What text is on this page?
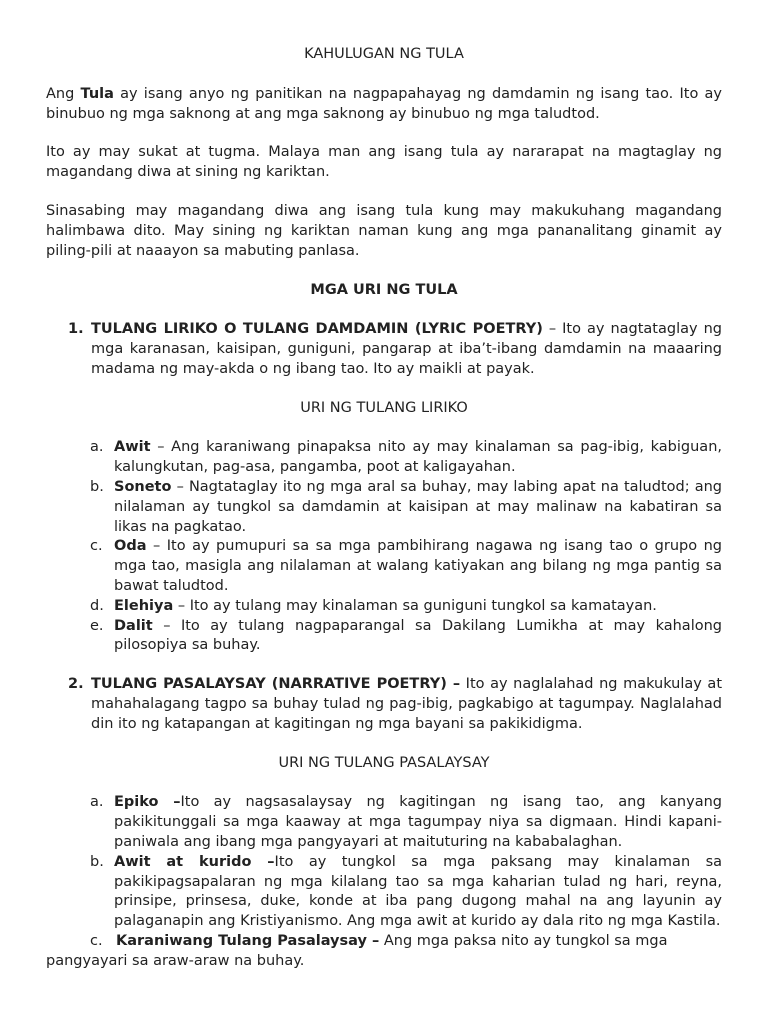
KAHULUGAN NG TULA

Ang Tula ay isang anyo ng panitikan na nagpapahayag ng damdamin ng isang tao. Ito ay binubuo ng mga saknong at ang mga saknong ay binubuo ng mga taludtod.

Ito ay may sukat at tugma. Malaya man ang isang tula ay nararapat na magtaglay ng magandang diwa at sining ng kariktan.

Sinasabing may magandang diwa ang isang tula kung may makukuhang magandang halimbawa dito. May sining ng kariktan naman kung ang mga pananalitang ginamit ay piling-pili at naaayon sa mabuting panlasa.

MGA URI NG TULA
1. TULANG LIRIKO O TULANG DAMDAMIN (LYRIC POETRY) – Ito ay nagtataglay ng mga karanasan, kaisipan, guniguni, pangarap at iba’t-ibang damdamin na maaaring madama ng may-akda o ng ibang tao. Ito ay maikli at payak.
URI NG TULANG LIRIKO
a. Awit – Ang karaniwang pinapaksa nito ay may kinalaman sa pag-ibig, kabiguan, kalungkutan, pag-asa, pangamba, poot at kaligayahan.
b. Soneto – Nagtataglay ito ng mga aral sa buhay, may labing apat na taludtod; ang nilalaman ay tungkol sa damdamin at kaisipan at may malinaw na kabatiran sa likas na pagkatao.
c. Oda – Ito ay pumupuri sa sa mga pambihirang nagawa ng isang tao o grupo ng mga tao, masigla ang nilalaman at walang katiyakan ang bilang ng mga pantig sa bawat taludtod.
d. Elehiya – Ito ay tulang may kinalaman sa guniguni tungkol sa kamatayan.
e. Dalit – Ito ay tulang nagpaparangal sa Dakilang Lumikha at may kahalong pilosopiya sa buhay.
2. TULANG PASALAYSAY (NARRATIVE POETRY) – Ito ay naglalahad ng makukulay at mahahalagang tagpo sa buhay tulad ng pag-ibig, pagkabigo at tagumpay. Naglalahad din ito ng katapangan at kagitingan ng mga bayani sa pakikidigma.
URI NG TULANG PASALAYSAY
a. Epiko –Ito ay nagsasalaysay ng kagitingan ng isang tao, ang kanyang pakikitunggali sa mga kaaway at mga tagumpay niya sa digmaan. Hindi kapani-paniwala ang ibang mga pangyayari at maituturing na kababalaghan.
b. Awit at kurido –Ito ay tungkol sa mga paksang may kinalaman sa pakikipagsapalaran ng mga kilalang tao sa mga kaharian tulad ng hari, reyna, prinsipe, prinsesa, duke, konde at iba pang dugong mahal na ang layunin ay palaganapin ang Kristiyanismo. Ang mga awit at kurido ay dala rito ng mga Kastila.

c. Karaniwang Tulang Pasalaysay – Ang mga paksa nito ay tungkol sa mga pangyayari sa araw-araw na buhay.
